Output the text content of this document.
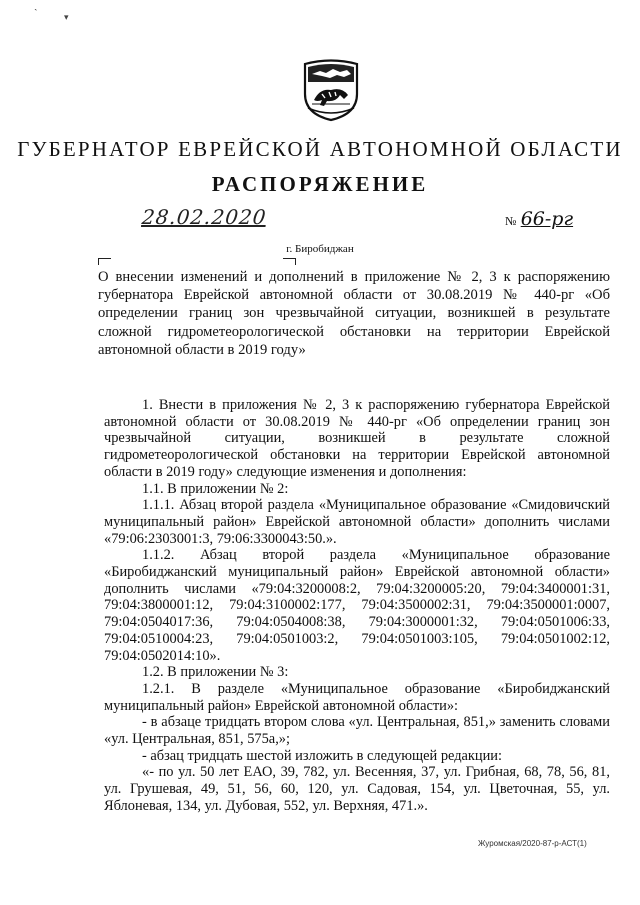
ˋ	▾
ГУБЕРНАТОР ЕВРЕЙСКОЙ АВТОНОМНОЙ ОБЛАСТИ
РАСПОРЯЖЕНИЕ
28.02.2020	№ 66-рг
г. Биробиджан
О внесении изменений и дополнений в приложение № 2, 3 к распоряжению губернатора Еврейской автономной области от 30.08.2019 № 440-рг «Об определении границ зон чрезвычайной ситуации, возникшей в результате сложной гидрометеорологической обстановки на территории Еврейской автономной области в 2019 году»

1. Внести в приложения № 2, 3 к распоряжению губернатора Еврейской автономной области от 30.08.2019 № 440-рг «Об определении границ зон чрезвычайной ситуации, возникшей в результате сложной гидрометеорологической обстановки на территории Еврейской автономной области в 2019 году» следующие изменения и дополнения:

1.1. В приложении № 2:

1.1.1. Абзац второй раздела «Муниципальное образование «Смидовичский муниципальный район» Еврейской автономной области» дополнить числами «79:06:2303001:3, 79:06:3300043:50.».

1.1.2. Абзац второй раздела «Муниципальное образование «Биробиджанский муниципальный район» Еврейской автономной области» дополнить числами «79:04:3200008:2, 79:04:3200005:20, 79:04:3400001:31, 79:04:3800001:12, 79:04:3100002:177, 79:04:3500002:31, 79:04:3500001:0007, 79:04:0504017:36, 79:04:0504008:38, 79:04:3000001:32, 79:04:0501006:33, 79:04:0510004:23, 79:04:0501003:2, 79:04:0501003:105, 79:04:0501002:12, 79:04:0502014:10».

1.2. В приложении № 3:

1.2.1. В разделе «Муниципальное образование «Биробиджанский муниципальный район» Еврейской автономной области»:

- в абзаце тридцать втором слова «ул. Центральная, 851,» заменить словами «ул. Центральная, 851, 575а,»;

- абзац тридцать шестой изложить в следующей редакции:

«- по ул. 50 лет ЕАО, 39, 782, ул. Весенняя, 37, ул. Грибная, 68, 78, 56, 81, ул. Грушевая, 49, 51, 56, 60, 120, ул. Садовая, 154, ул. Цветочная, 55, ул. Яблоневая, 134, ул. Дубовая, 552, ул. Верхняя, 471.».

Журомская/2020-87-р-АСТ(1)
